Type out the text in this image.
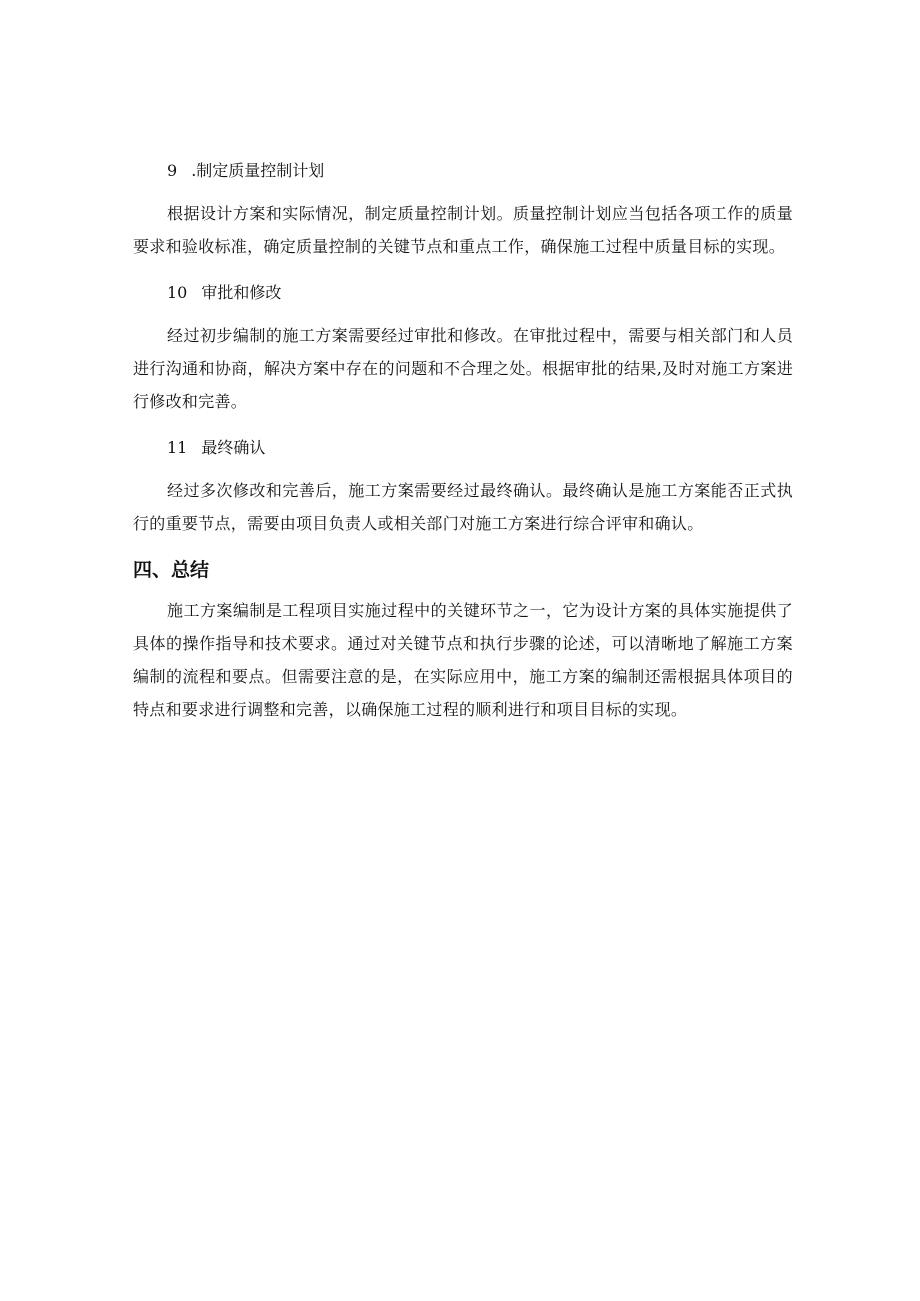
9 .制定质量控制计划

根据设计方案和实际情况，制定质量控制计划。质量控制计划应当包括各项工作的质量要求和验收标准，确定质量控制的关键节点和重点工作，确保施工过程中质量目标的实现。

10 审批和修改

经过初步编制的施工方案需要经过审批和修改。在审批过程中，需要与相关部门和人员进行沟通和协商，解决方案中存在的问题和不合理之处。根据审批的结果,及时对施工方案进行修改和完善。

11 最终确认

经过多次修改和完善后，施工方案需要经过最终确认。最终确认是施工方案能否正式执行的重要节点，需要由项目负责人或相关部门对施工方案进行综合评审和确认。

四、总结

施工方案编制是工程项目实施过程中的关键环节之一，它为设计方案的具体实施提供了具体的操作指导和技术要求。通过对关键节点和执行步骤的论述，可以清晰地了解施工方案编制的流程和要点。但需要注意的是，在实际应用中，施工方案的编制还需根据具体项目的特点和要求进行调整和完善，以确保施工过程的顺利进行和项目目标的实现。
